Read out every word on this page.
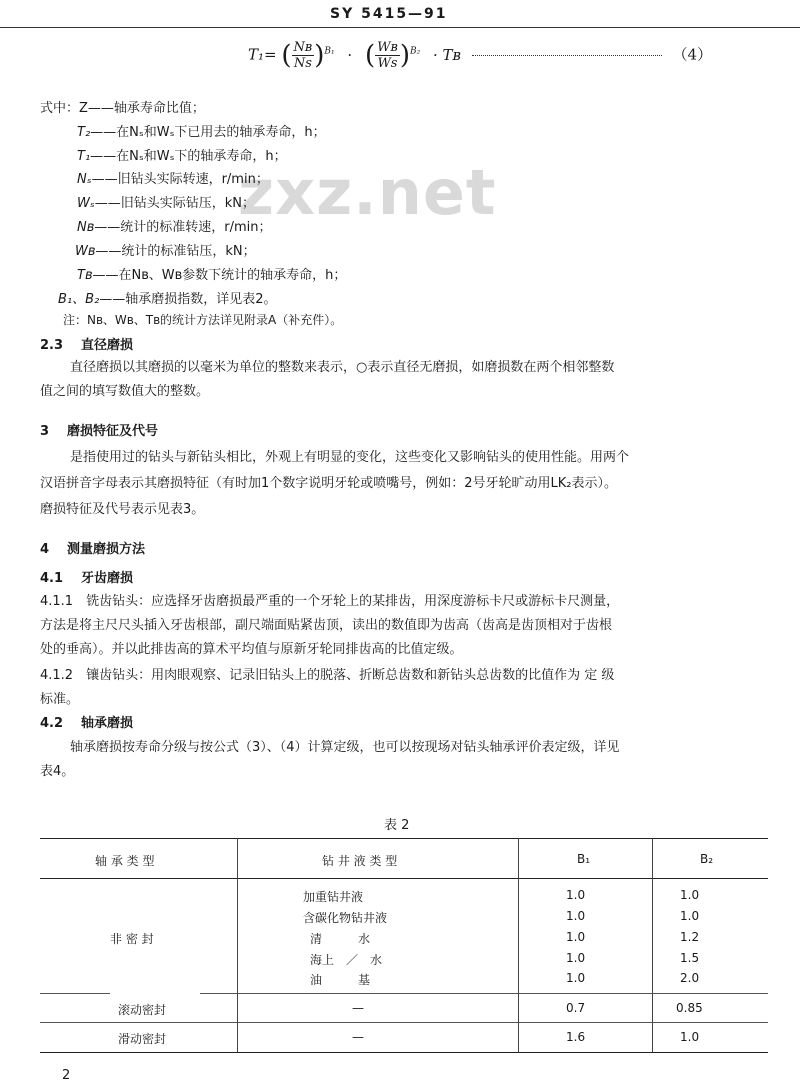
SY 5415—91
T₁= ( $\frac{\text{Nʙ}}{Ns} )^{B_1}$ · ( $\frac{\text{Wʙ}}{Ws} )^{B_2}$ · Tʙ	（4）
zxz.net
式中：Z——轴承寿命比值；
T₂——在Nₛ和Wₛ下已用去的轴承寿命，h；
T₁——在Nₛ和Wₛ下的轴承寿命，h；
Nₛ——旧钻头实际转速，r/min；
Wₛ——旧钻头实际钻压，kN；
Nʙ——统计的标准转速，r/min；
Wʙ——统计的标准钻压，kN；
Tʙ——在Nʙ、Wʙ参数下统计的轴承寿命，h；
B₁、B₂——轴承磨损指数，详见表2。
注：Nʙ、Wʙ、Tʙ的统计方法详见附录A（补充件）。
2.3 直径磨损
直径磨损以其磨损的以毫米为单位的整数来表示，○表示直径无磨损，如磨损数在两个相邻整数
值之间的填写数值大的整数。
3 磨损特征及代号
是指使用过的钻头与新钻头相比，外观上有明显的变化，这些变化又影响钻头的使用性能。用两个
汉语拼音字母表示其磨损特征（有时加1个数字说明牙轮或喷嘴号，例如：2号牙轮旷动用LK₂表示）。
磨损特征及代号表示见表3。
4 测量磨损方法
4.1 牙齿磨损
4.1.1　铣齿钻头：应选择牙齿磨损最严重的一个牙轮上的某排齿，用深度游标卡尺或游标卡尺测量，
方法是将主尺尺头插入牙齿根部，副尺端面贴紧齿顶，读出的数值即为齿高（齿高是齿顶相对于齿根
处的垂高）。并以此排齿高的算术平均值与原新牙轮同排齿高的比值定级。
4.1.2　镶齿钻头：用肉眼观察、记录旧钻头上的脱落、折断总齿数和新钻头总齿数的比值作为 定 级
标准。
4.2 轴承磨损
轴承磨损按寿命分级与按公式（3）、（4）计算定级，也可以按现场对钻头轴承评价表定级，详见
表4。
表 2
轴 承 类 型	钻 井 液 类 型	B₁	B₂
非 密 封
加重钻井液	1.0	1.0
含碳化物钻井液	1.0	1.0
清　　　水	1.0	1.2
海上　／　水	1.0	1.5
油　　　基	1.0	2.0
滚动密封	—	0.7	0.85
滑动密封	—	1.6	1.0
2
